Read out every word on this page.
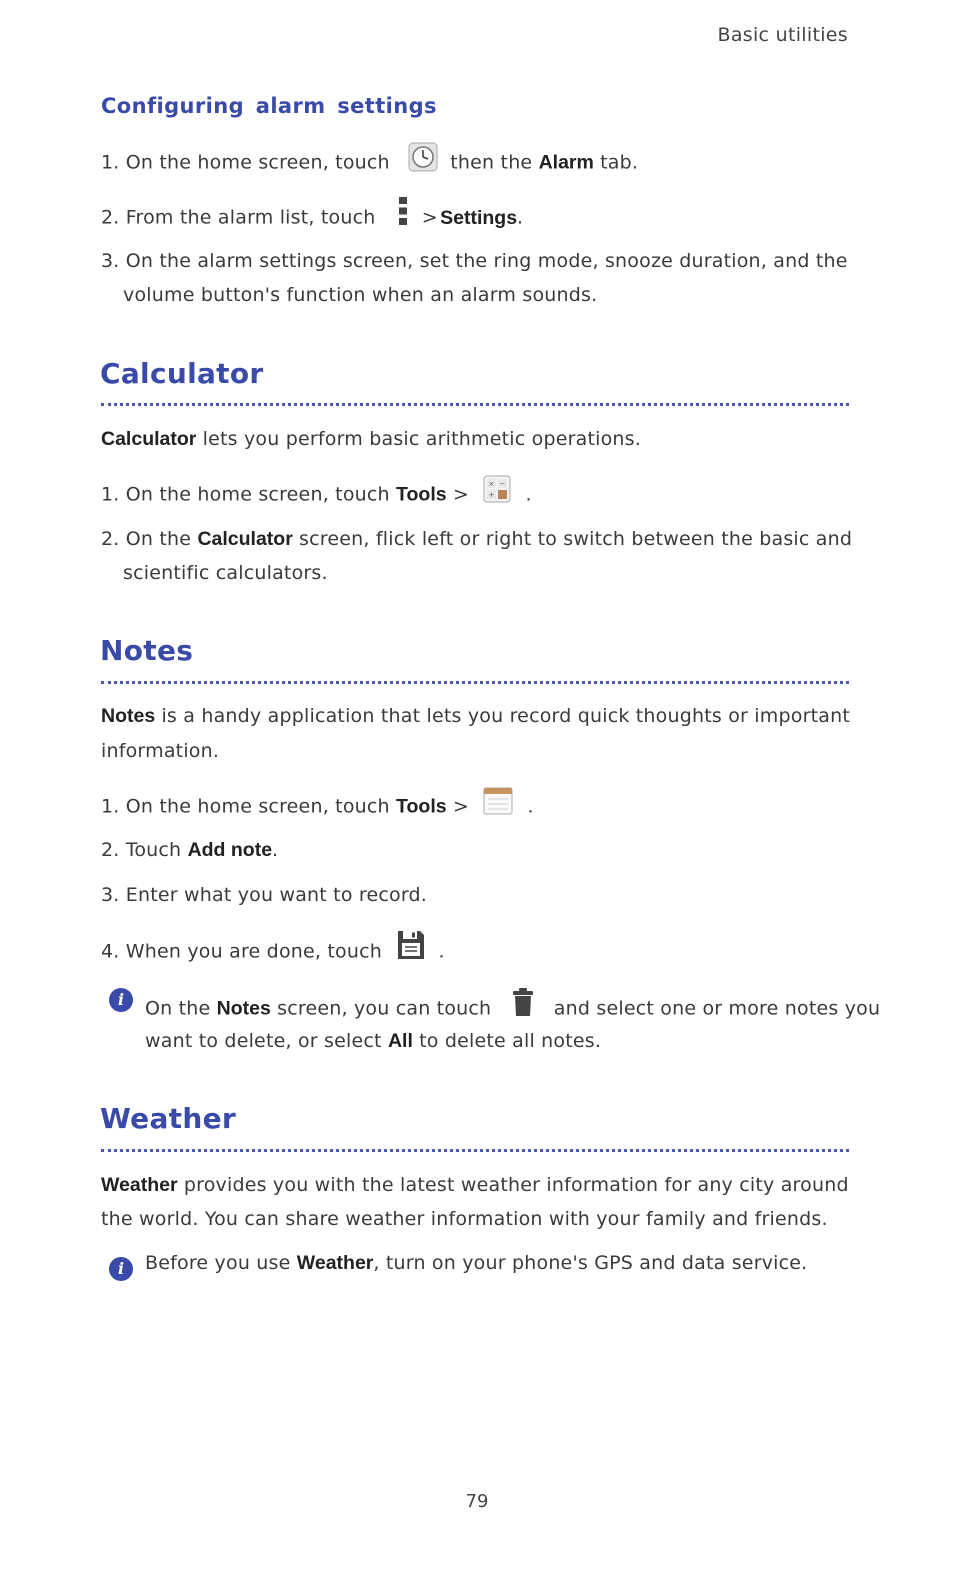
Basic utilities
Configuring alarm settings
1. On the home screen, touch	then the Alarm tab.
2. From the alarm list, touch > Settings.
3. On the alarm settings screen, set the ring mode, snooze duration, and the
volume button's function when an alarm sounds.
Calculator
Calculator lets you perform basic arithmetic operations.
1. On the home screen, touch Tools >	× −
+ .
2. On the Calculator screen, flick left or right to switch between the basic and
scientific calculators.
Notes
Notes is a handy application that lets you record quick thoughts or important
information.
1. On the home screen, touch Tools >	.
2. Touch Add note.
3. Enter what you want to record.
4. When you are done, touch	.
i	On the Notes screen, you can touch	and select one or more notes you
want to delete, or select All to delete all notes.
Weather
Weather provides you with the latest weather information for any city around
the world. You can share weather information with your family and friends.
i	Before you use Weather, turn on your phone's GPS and data service.
79
